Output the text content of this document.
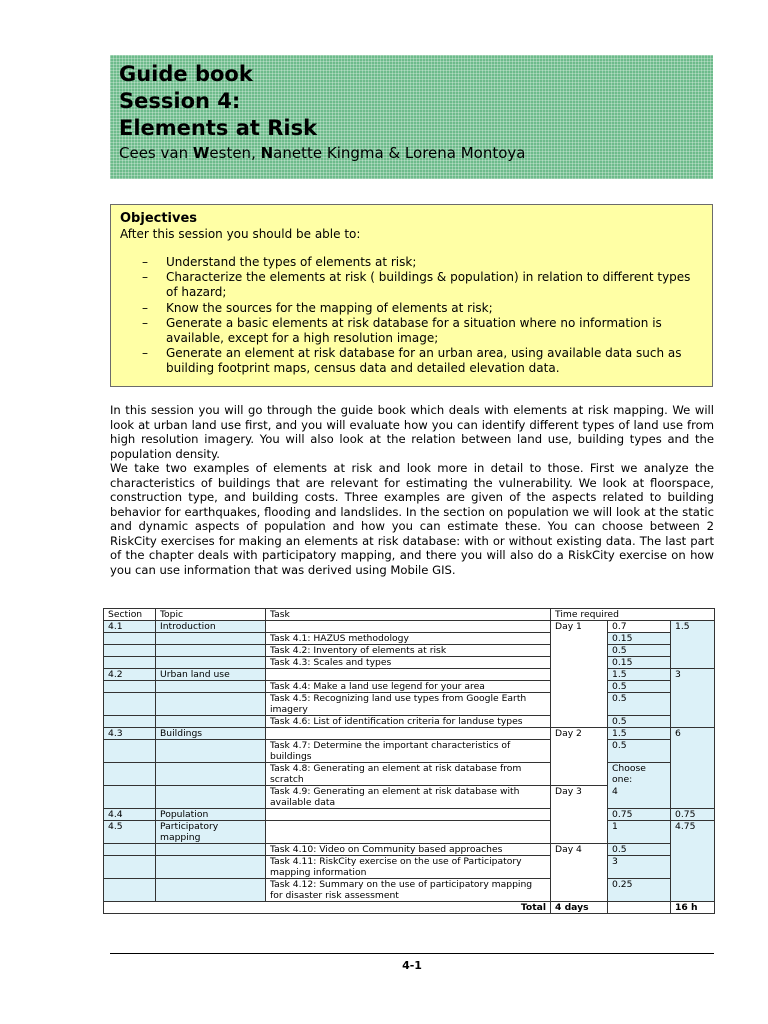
Guide book
Session 4:
Elements at Risk
Cees van Westen, Nanette Kingma & Lorena Montoya
Objectives
After this session you should be able to:
– Understand the types of elements at risk;
– Characterize the elements at risk ( buildings & population) in relation to different types of hazard;
– Know the sources for the mapping of elements at risk;
– Generate a basic elements at risk database for a situation where no information is available, except for a high resolution image;
– Generate an element at risk database for an urban area, using available data such as building footprint maps, census data and detailed elevation data.

In this session you will go through the guide book which deals with elements at risk mapping. We will look at urban land use first, and you will evaluate how you can identify different types of land use from high resolution imagery. You will also look at the relation between land use, building types and the population density.

We take two examples of elements at risk and look more in detail to those. First we analyze the characteristics of buildings that are relevant for estimating the vulnerability. We look at floorspace, construction type, and building costs. Three examples are given of the aspects related to building behavior for earthquakes, flooding and landslides. In the section on population we will look at the static and dynamic aspects of population and how you can estimate these. You can choose between 2 RiskCity exercises for making an elements at risk database: with or without existing data. The last part of the chapter deals with participatory mapping, and there you will also do a RiskCity exercise on how you can use information that was derived using Mobile GIS.

Section	Topic	Task	Time required		
4.1	Introduction		Day 1	0.7	1.5
		Task 4.1: HAZUS methodology		0.15	
		Task 4.2: Inventory of elements at risk		0.5	
		Task 4.3: Scales and types		0.15	
4.2	Urban land use			1.5	3
		Task 4.4: Make a land use legend for your area		0.5	
		Task 4.5: Recognizing land use types from Google Earth imagery		0.5	
		Task 4.6: List of identification criteria for landuse types		0.5	
4.3	Buildings		Day 2	1.5	6
		Task 4.7: Determine the important characteristics of buildings		0.5	
		Task 4.8: Generating an element at risk database from scratch		Choose one:	
		Task 4.9: Generating an element at risk database with available data	Day 3	4	
4.4	Population			0.75	0.75
4.5	Participatory mapping			1	4.75
		Task 4.10: Video on Community based approaches	Day 4	0.5	
		Task 4.11: RiskCity exercise on the use of Participatory mapping information		3	
		Task 4.12: Summary on the use of participatory mapping for disaster risk assessment		0.25	
Total			4 days		16 h
4-1
